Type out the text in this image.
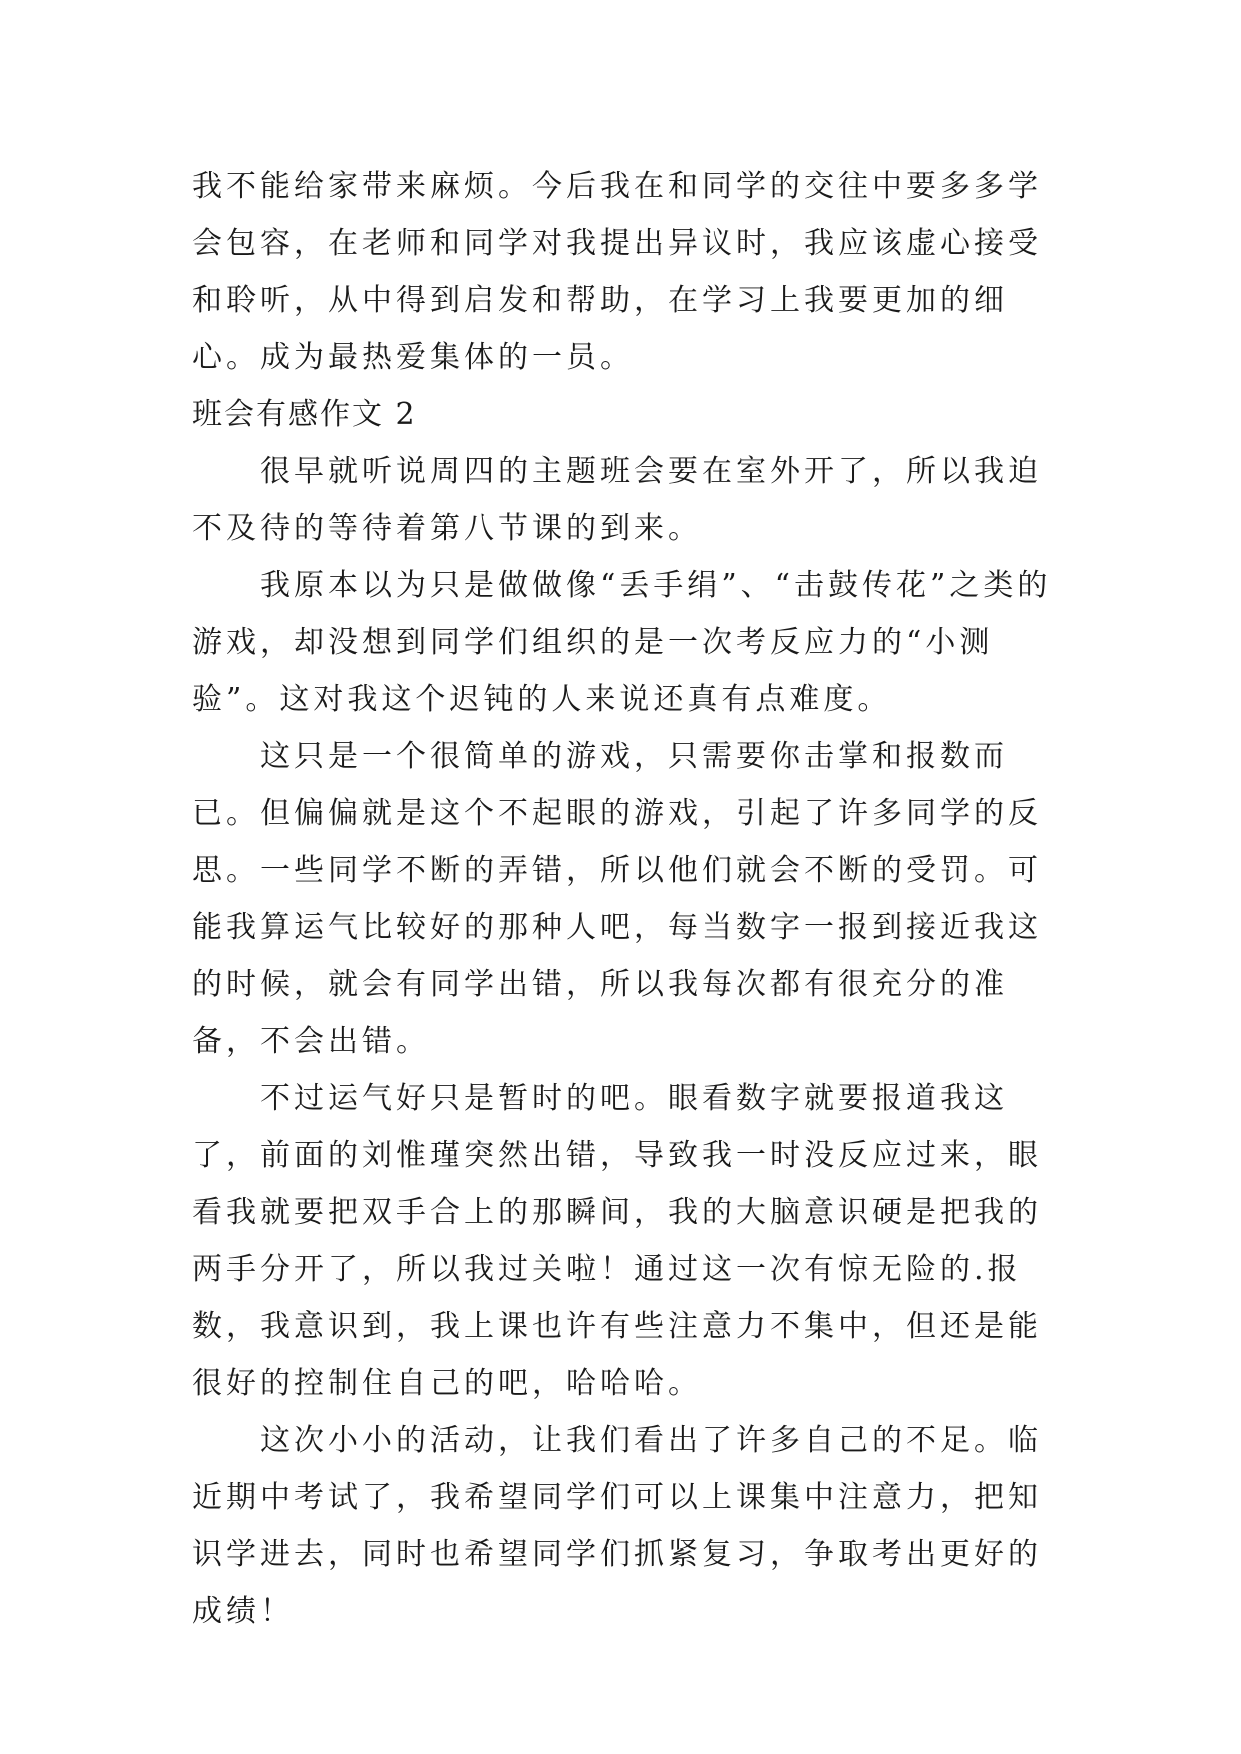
我不能给家带来麻烦。今后我在和同学的交往中要多多学会包容，在老师和同学对我提出异议时，我应该虚心接受和聆听，从中得到启发和帮助，在学习上我要更加的细心。成为最热爱集体的一员。

班会有感作文 2

很早就听说周四的主题班会要在室外开了，所以我迫不及待的等待着第八节课的到来。

我原本以为只是做做像“丢手绢”、“击鼓传花”之类的游戏，却没想到同学们组织的是一次考反应力的“小测验”。这对我这个迟钝的人来说还真有点难度。

这只是一个很简单的游戏，只需要你击掌和报数而已。但偏偏就是这个不起眼的游戏，引起了许多同学的反思。一些同学不断的弄错，所以他们就会不断的受罚。可能我算运气比较好的那种人吧，每当数字一报到接近我这的时候，就会有同学出错，所以我每次都有很充分的准备，不会出错。

不过运气好只是暂时的吧。眼看数字就要报道我这了，前面的刘惟瑾突然出错，导致我一时没反应过来，眼看我就要把双手合上的那瞬间，我的大脑意识硬是把我的两手分开了，所以我过关啦！通过这一次有惊无险的.报数，我意识到，我上课也许有些注意力不集中，但还是能很好的控制住自己的吧，哈哈哈。

这次小小的活动，让我们看出了许多自己的不足。临近期中考试了，我希望同学们可以上课集中注意力，把知识学进去，同时也希望同学们抓紧复习，争取考出更好的成绩！
